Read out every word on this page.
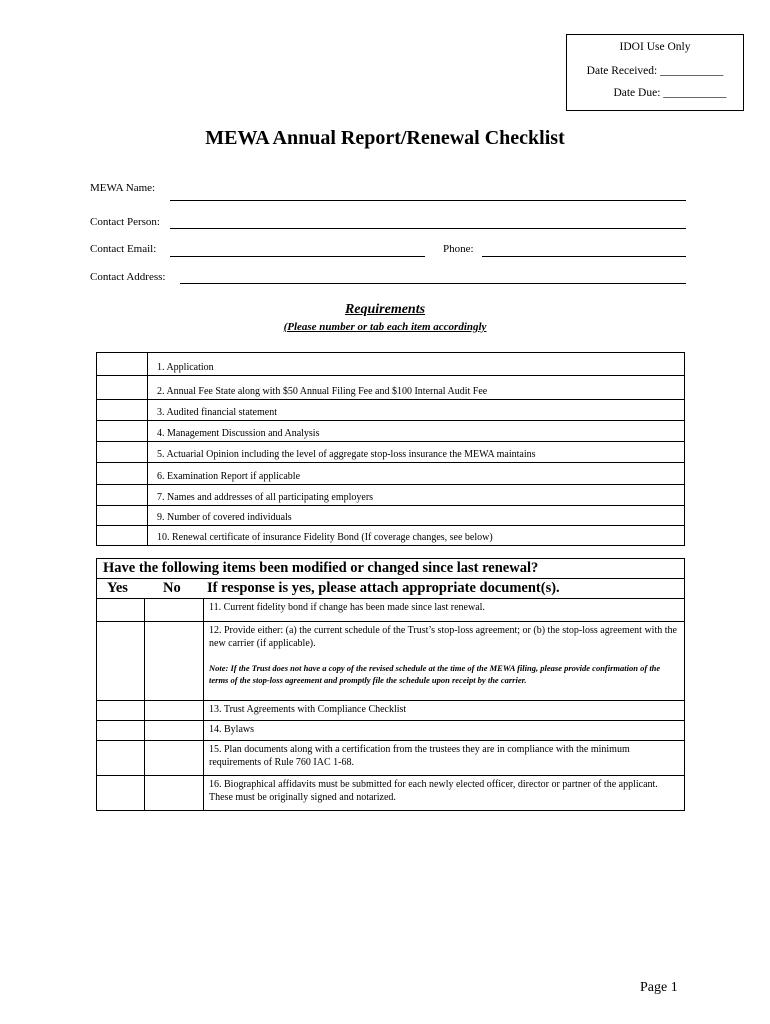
IDOI Use Only
Date Received: ___________
Date Due: ___________
MEWA Annual Report/Renewal Checklist
MEWA Name:
Contact Person:
Contact Email:	Phone:
Contact Address:
Requirements
(Please number or tab each item accordingly
1. Application
2. Annual Fee State along with $50 Annual Filing Fee and $100 Internal Audit Fee
3. Audited financial statement
4. Management Discussion and Analysis
5. Actuarial Opinion including the level of aggregate stop-loss insurance the MEWA maintains
6. Examination Report if applicable
7. Names and addresses of all participating employers
9. Number of covered individuals
10. Renewal certificate of insurance Fidelity Bond (If coverage changes, see below)
Have the following items been modified or changed since last renewal?
Yes No If response is yes, please attach appropriate document(s).
11. Current fidelity bond if change has been made since last renewal.
12. Provide either: (a) the current schedule of the Trust’s stop-loss agreement; or (b) the stop-loss agreement with the new carrier (if applicable).
Note: If the Trust does not have a copy of the revised schedule at the time of the MEWA filing, please provide confirmation of the terms of the stop-loss agreement and promptly file the schedule upon receipt by the carrier.
13. Trust Agreements with Compliance Checklist
14. Bylaws
15. Plan documents along with a certification from the trustees they are in compliance with the minimum requirements of Rule 760 IAC 1-68.
16. Biographical affidavits must be submitted for each newly elected officer, director or partner of the applicant. These must be originally signed and notarized.
Page 1
